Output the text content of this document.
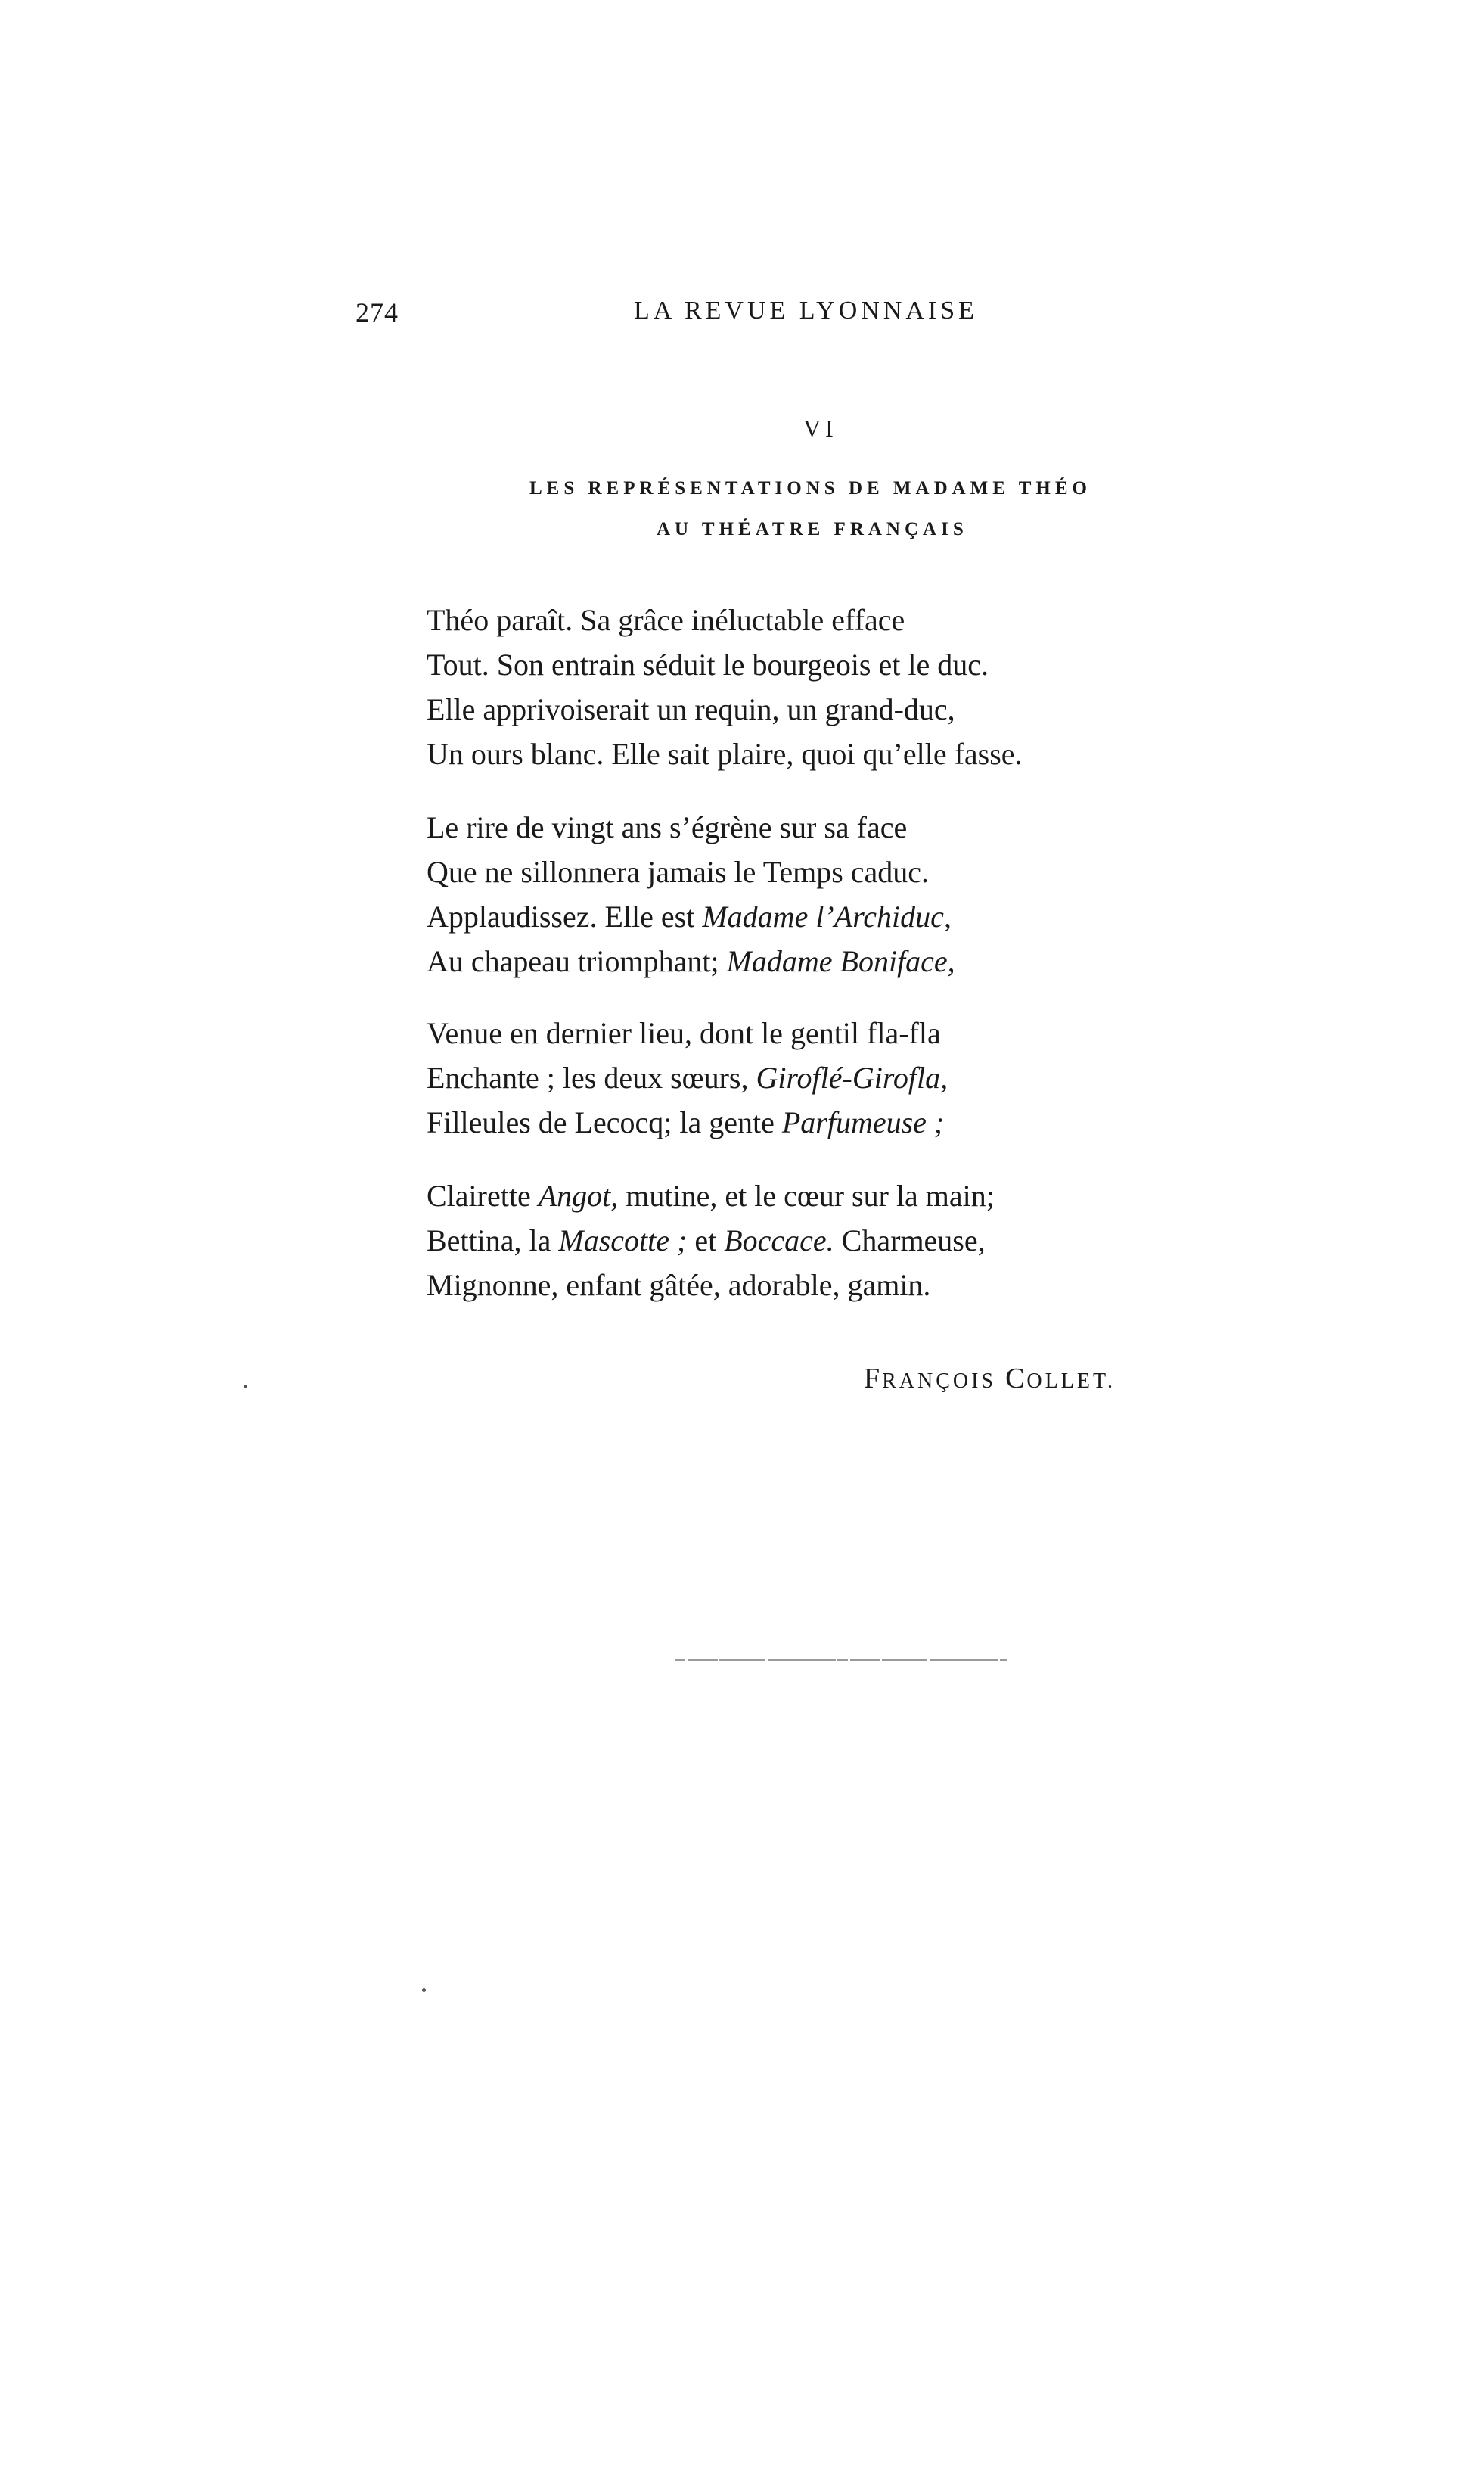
274	LA REVUE LYONNAISE
VI
LES REPRÉSENTATIONS DE MADAME THÉO
AU THÉATRE FRANÇAIS
Théo paraît. Sa grâce inéluctable efface
Tout. Son entrain séduit le bourgeois et le duc.
Elle apprivoiserait un requin, un grand-duc,
Un ours blanc. Elle sait plaire, quoi qu’elle fasse.
Le rire de vingt ans s’égrène sur sa face
Que ne sillonnera jamais le Temps caduc.
Applaudissez. Elle est Madame l’Archiduc,
Au chapeau triomphant; Madame Boniface,
Venue en dernier lieu, dont le gentil fla-fla
Enchante ; les deux sœurs, Giroflé-Girofla,
Filleules de Lecocq; la gente Parfumeuse ;
Clairette Angot, mutine, et le cœur sur la main;
Bettina, la Mascotte ; et Boccace. Charmeuse,
Mignonne, enfant gâtée, adorable, gamin.
FRANÇOIS COLLET.
